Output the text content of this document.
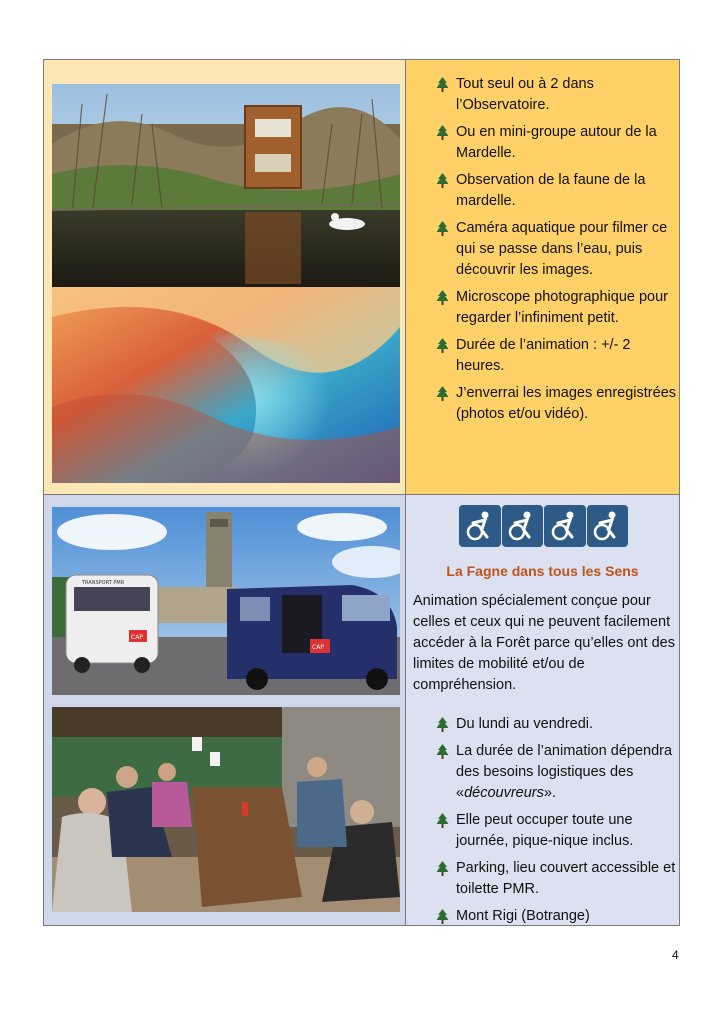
Tout seul ou à 2 dans l’Observatoire.
Ou en mini-groupe autour de la Mardelle.
Observation de la faune de la mardelle.
Caméra aquatique pour filmer ce qui se passe dans l’eau, puis découvrir les images.
Microscope photographique pour regarder l’infiniment petit.
Durée de l’animation : +/- 2 heures.
J’enverrai les images enregistrées (photos et/ou vidéo).
TRANSPORT PMR
CAP
CAP
La Fagne dans tous les Sens
Animation spécialement conçue pour celles et ceux qui ne peuvent facilement accéder à la Forêt parce qu’elles ont des limites de mobilité et/ou de compréhension.
Du lundi au vendredi.
La durée de l’animation dépendra des besoins logistiques des «découvreurs».
Elle peut occuper toute une journée, pique-nique inclus.
Parking, lieu couvert accessible et toilette PMR.
Mont Rigi (Botrange)
4
